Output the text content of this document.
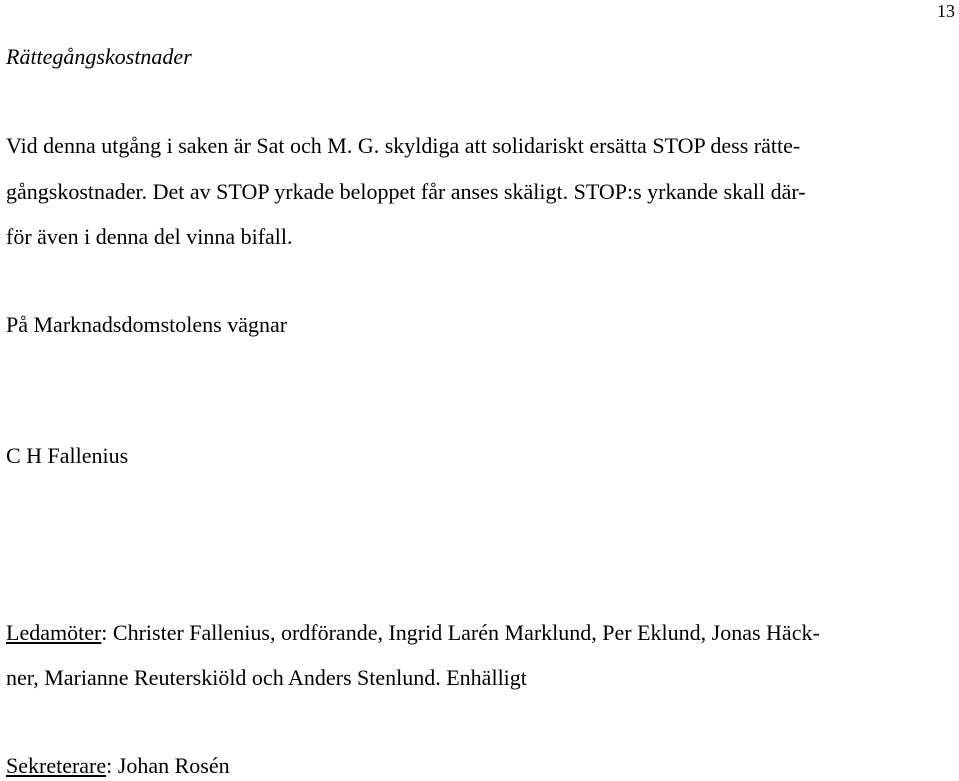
13
Rättegångskostnader
Vid denna utgång i saken är Sat och M. G. skyldiga att solidariskt ersätta STOP dess rätte-
gångskostnader. Det av STOP yrkade beloppet får anses skäligt. STOP:s yrkande skall där-
för även i denna del vinna bifall.
På Marknadsdomstolens vägnar
C H Fallenius
Ledamöter: Christer Fallenius, ordförande, Ingrid Larén Marklund, Per Eklund, Jonas Häck-
ner, Marianne Reuterskiöld och Anders Stenlund. Enhälligt
Sekreterare: Johan Rosén
